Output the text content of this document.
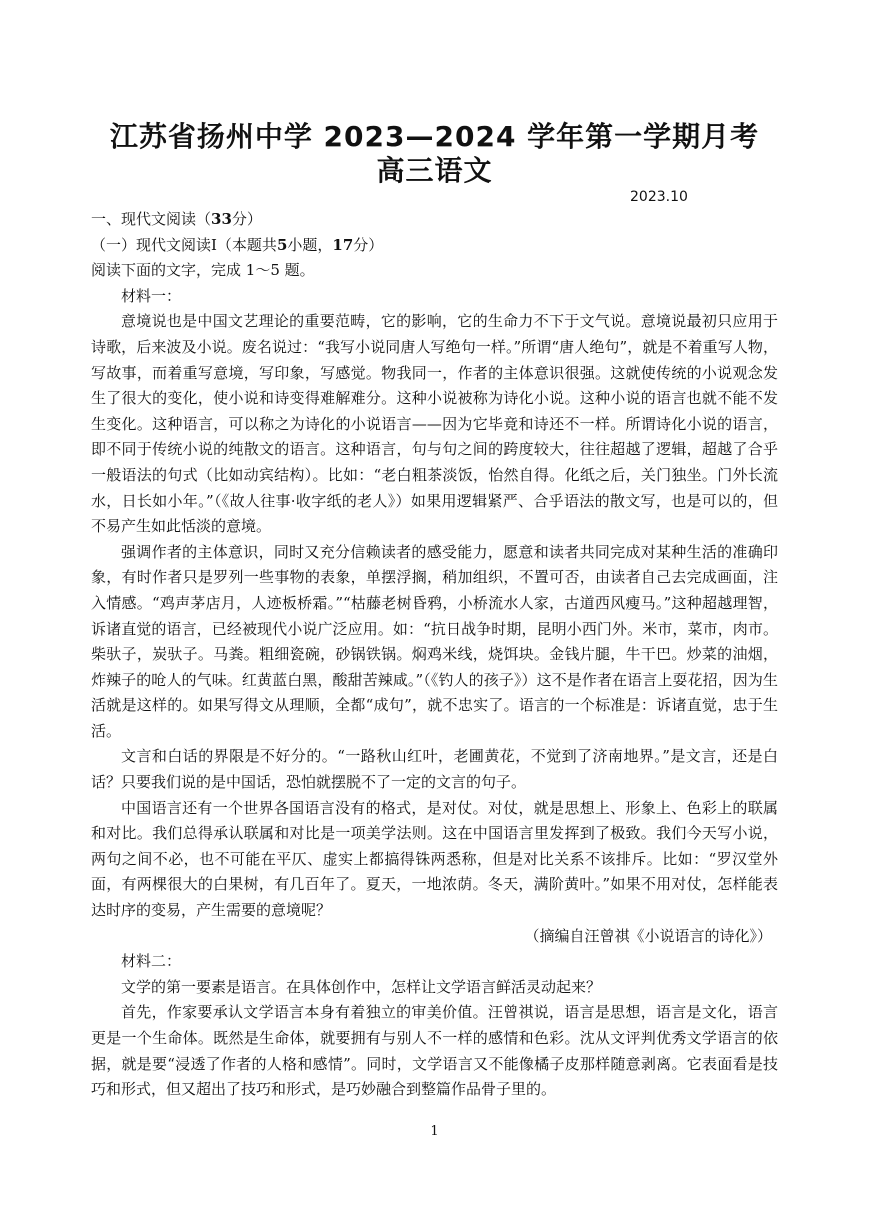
江苏省扬州中学 2023—2024 学年第一学期月考
高三语文
2023.10

一、现代文阅读（33分）

（一）现代文阅读Ⅰ（本题共5小题，17分）

阅读下面的文字，完成 1～5 题。

材料一：

意境说也是中国文艺理论的重要范畴，它的影响，它的生命力不下于文气说。意境说最初只应用于诗歌，后来波及小说。废名说过：“我写小说同唐人写绝句一样。”所谓“唐人绝句”，就是不着重写人物，写故事，而着重写意境，写印象，写感觉。物我同一，作者的主体意识很强。这就使传统的小说观念发生了很大的变化，使小说和诗变得难解难分。这种小说被称为诗化小说。这种小说的语言也就不能不发生变化。这种语言，可以称之为诗化的小说语言——因为它毕竟和诗还不一样。所谓诗化小说的语言，即不同于传统小说的纯散文的语言。这种语言，句与句之间的跨度较大，往往超越了逻辑，超越了合乎一般语法的句式（比如动宾结构）。比如：“老白粗茶淡饭，怡然自得。化纸之后，关门独坐。门外长流水，日长如小年。”（《故人往事·收字纸的老人》）如果用逻辑紧严、合乎语法的散文写，也是可以的，但不易产生如此恬淡的意境。

强调作者的主体意识，同时又充分信赖读者的感受能力，愿意和读者共同完成对某种生活的准确印象，有时作者只是罗列一些事物的表象，单摆浮搁，稍加组织，不置可否，由读者自己去完成画面，注入情感。“鸡声茅店月，人迹板桥霜。”“枯藤老树昏鸦，小桥流水人家，古道西风瘦马。”这种超越理智，诉诸直觉的语言，已经被现代小说广泛应用。如：“抗日战争时期，昆明小西门外。米市，菜市，肉市。柴驮子，炭驮子。马粪。粗细瓷碗，砂锅铁锅。焖鸡米线，烧饵块。金钱片腿，牛干巴。炒菜的油烟，炸辣子的呛人的气味。红黄蓝白黑，酸甜苦辣咸。”（《钓人的孩子》）这不是作者在语言上耍花招，因为生活就是这样的。如果写得文从理顺，全都“成句”，就不忠实了。语言的一个标准是：诉诸直觉，忠于生活。

文言和白话的界限是不好分的。“一路秋山红叶，老圃黄花，不觉到了济南地界。”是文言，还是白话？只要我们说的是中国话，恐怕就摆脱不了一定的文言的句子。

中国语言还有一个世界各国语言没有的格式，是对仗。对仗，就是思想上、形象上、色彩上的联属和对比。我们总得承认联属和对比是一项美学法则。这在中国语言里发挥到了极致。我们今天写小说，两句之间不必，也不可能在平仄、虚实上都搞得铢两悉称，但是对比关系不该排斥。比如：“罗汉堂外面，有两棵很大的白果树，有几百年了。夏天，一地浓荫。冬天，满阶黄叶。”如果不用对仗，怎样能表达时序的变易，产生需要的意境呢？

（摘编自汪曾祺《小说语言的诗化》）

材料二：

文学的第一要素是语言。在具体创作中，怎样让文学语言鲜活灵动起来？

首先，作家要承认文学语言本身有着独立的审美价值。汪曾祺说，语言是思想，语言是文化，语言更是一个生命体。既然是生命体，就要拥有与别人不一样的感情和色彩。沈从文评判优秀文学语言的依据，就是要“浸透了作者的人格和感情”。同时，文学语言又不能像橘子皮那样随意剥离。它表面看是技巧和形式，但又超出了技巧和形式，是巧妙融合到整篇作品骨子里的。

1
